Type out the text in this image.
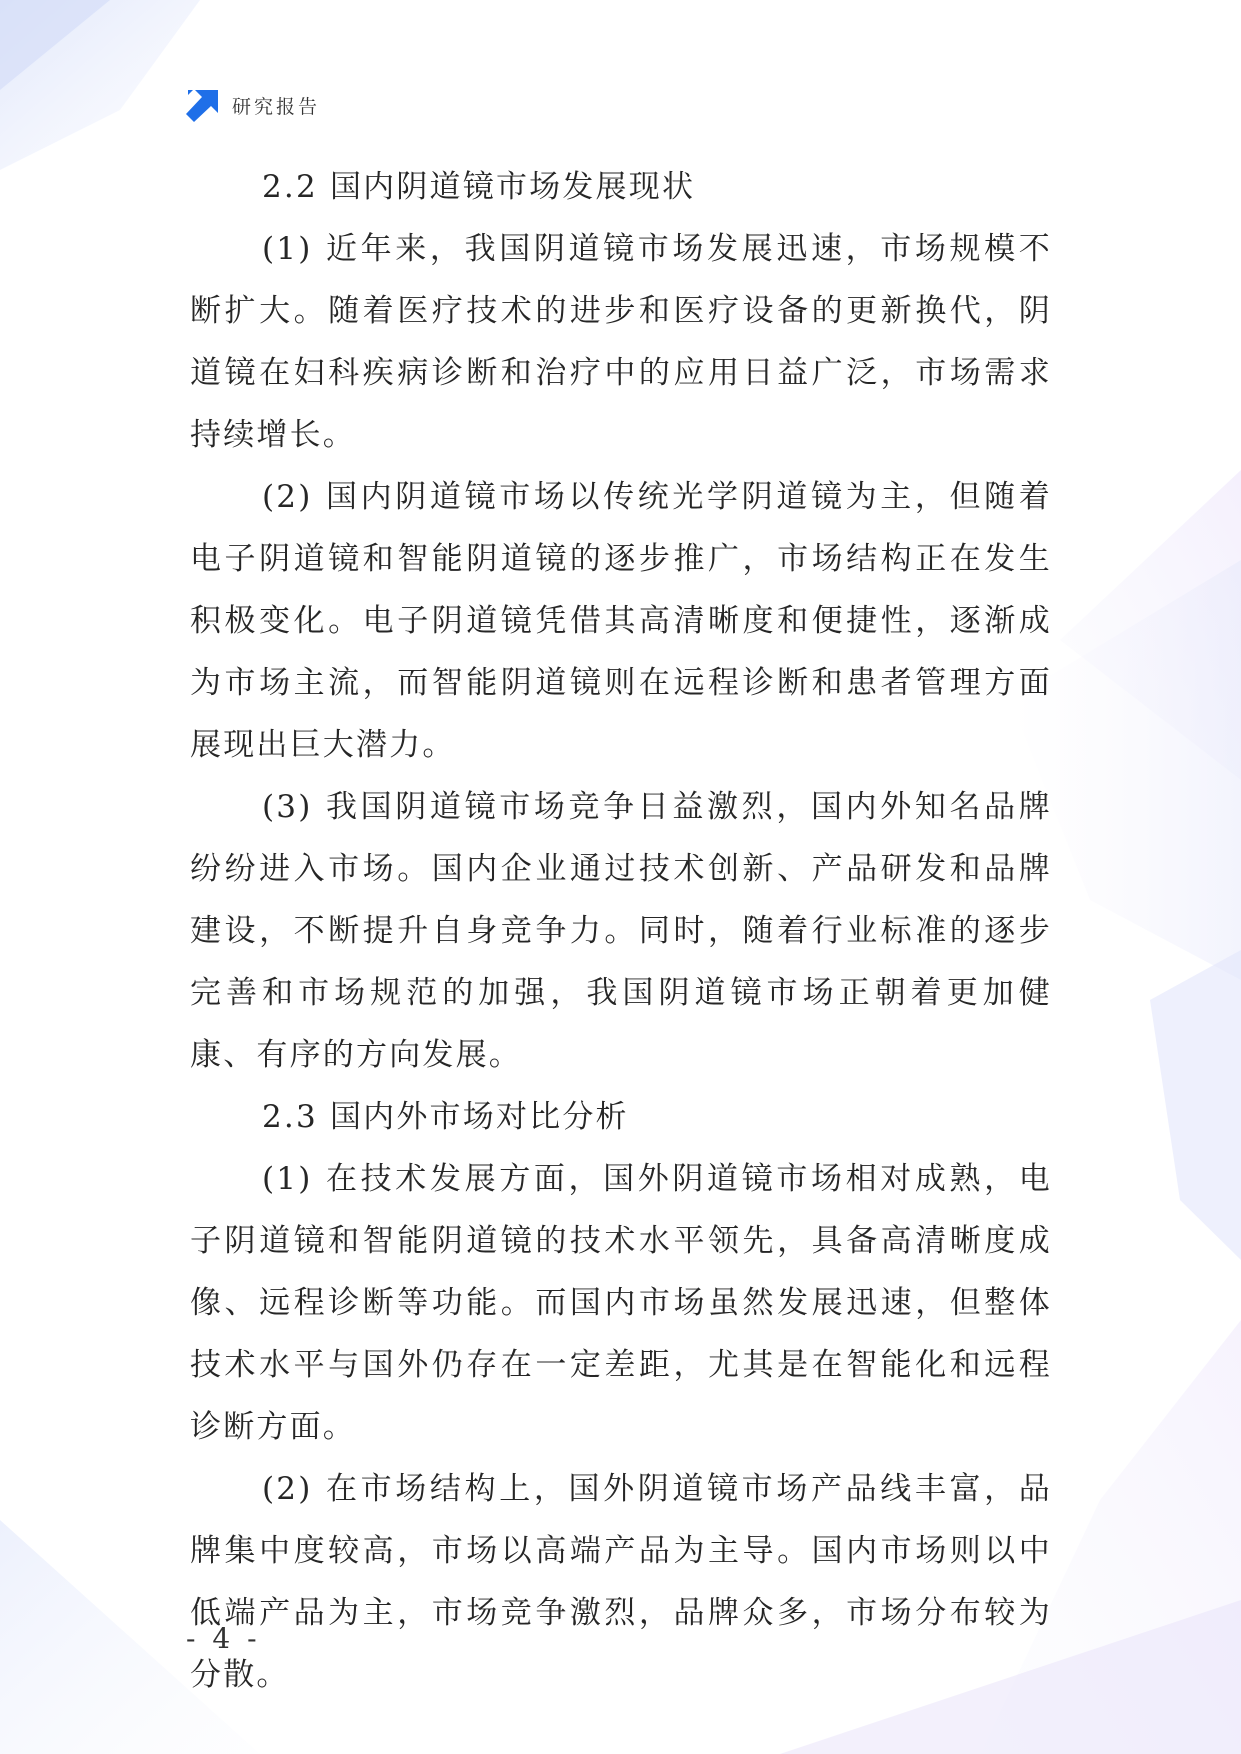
研究报告

2.2 国内阴道镜市场发展现状

(1) 近年来，我国阴道镜市场发展迅速，市场规模不断扩大。随着医疗技术的进步和医疗设备的更新换代，阴道镜在妇科疾病诊断和治疗中的应用日益广泛，市场需求持续增长。

(2) 国内阴道镜市场以传统光学阴道镜为主，但随着电子阴道镜和智能阴道镜的逐步推广，市场结构正在发生积极变化。电子阴道镜凭借其高清晰度和便捷性，逐渐成为市场主流，而智能阴道镜则在远程诊断和患者管理方面展现出巨大潜力。

(3) 我国阴道镜市场竞争日益激烈，国内外知名品牌纷纷进入市场。国内企业通过技术创新、产品研发和品牌建设，不断提升自身竞争力。同时，随着行业标准的逐步完善和市场规范的加强，我国阴道镜市场正朝着更加健康、有序的方向发展。

2.3 国内外市场对比分析

(1) 在技术发展方面，国外阴道镜市场相对成熟，电子阴道镜和智能阴道镜的技术水平领先，具备高清晰度成像、远程诊断等功能。而国内市场虽然发展迅速，但整体技术水平与国外仍存在一定差距，尤其是在智能化和远程诊断方面。

(2) 在市场结构上，国外阴道镜市场产品线丰富，品牌集中度较高，市场以高端产品为主导。国内市场则以中低端产品为主，市场竞争激烈，品牌众多，市场分布较为分散。

- 4 -
